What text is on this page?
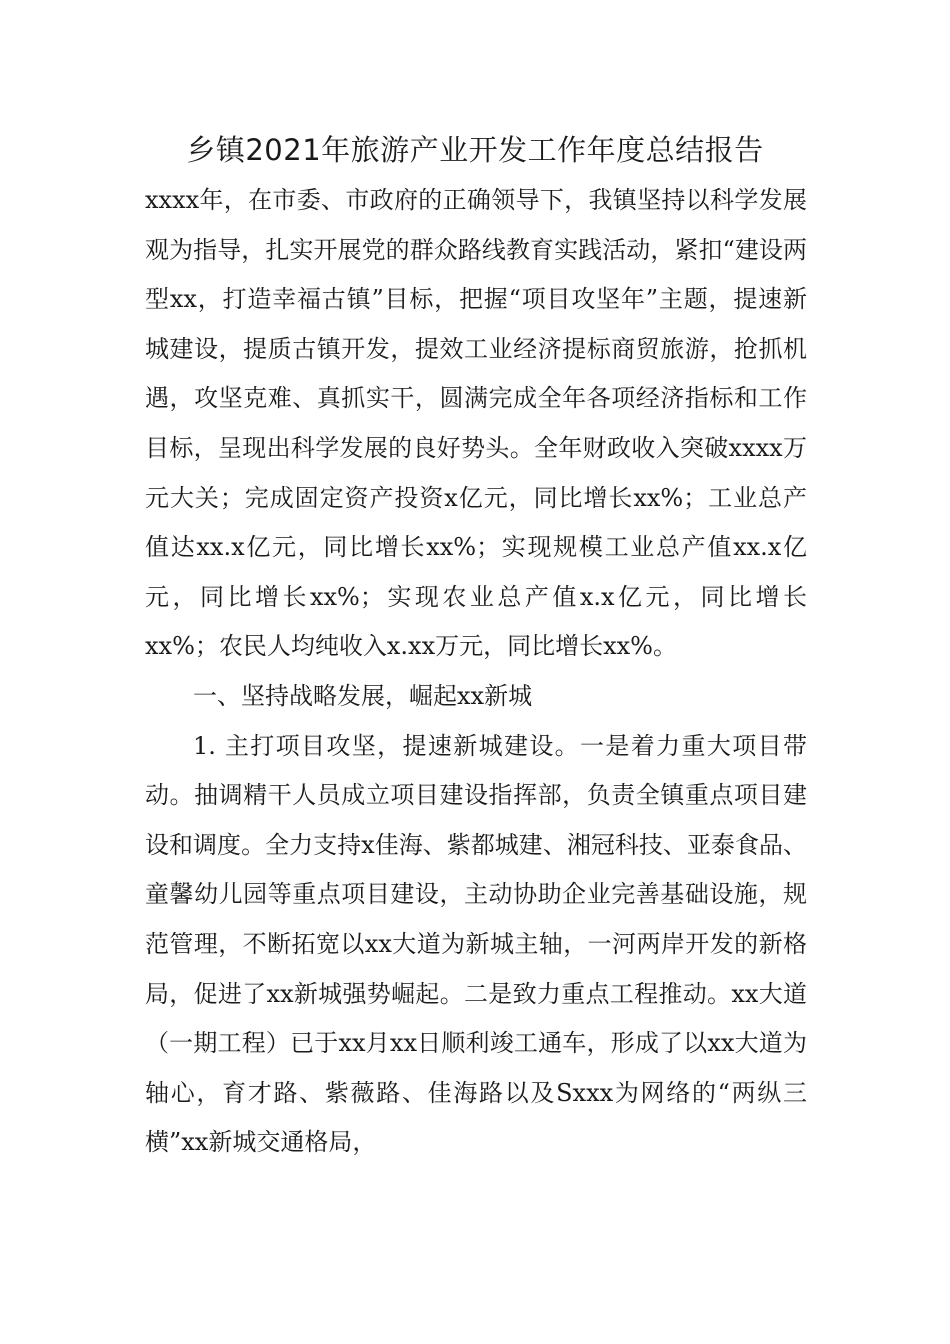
乡镇2021年旅游产业开发工作年度总结报告

xxxx年，在市委、市政府的正确领导下，我镇坚持以科学发展观为指导，扎实开展党的群众路线教育实践活动，紧扣“建设两型xx，打造幸福古镇”目标，把握“项目攻坚年”主题，提速新城建设，提质古镇开发，提效工业经济提标商贸旅游，抢抓机遇，攻坚克难、真抓实干，圆满完成全年各项经济指标和工作目标，呈现出科学发展的良好势头。全年财政收入突破xxxx万元大关；完成固定资产投资x亿元，同比增长xx%；工业总产值达xx.x亿元，同比增长xx%；实现规模工业总产值xx.x亿元，同比增长xx%；实现农业总产值x.x亿元，同比增长xx%；农民人均纯收入x.xx万元，同比增长xx%。

一、坚持战略发展，崛起xx新城

1. 主打项目攻坚，提速新城建设。一是着力重大项目带动。抽调精干人员成立项目建设指挥部，负责全镇重点项目建设和调度。全力支持x佳海、紫都城建、湘冠科技、亚泰食品、童馨幼儿园等重点项目建设，主动协助企业完善基础设施，规范管理，不断拓宽以xx大道为新城主轴，一河两岸开发的新格局，促进了xx新城强势崛起。二是致力重点工程推动。xx大道（一期工程）已于xx月xx日顺利竣工通车，形成了以xx大道为轴心，育才路、紫薇路、佳海路以及Sxxx为网络的“两纵三横”xx新城交通格局，
